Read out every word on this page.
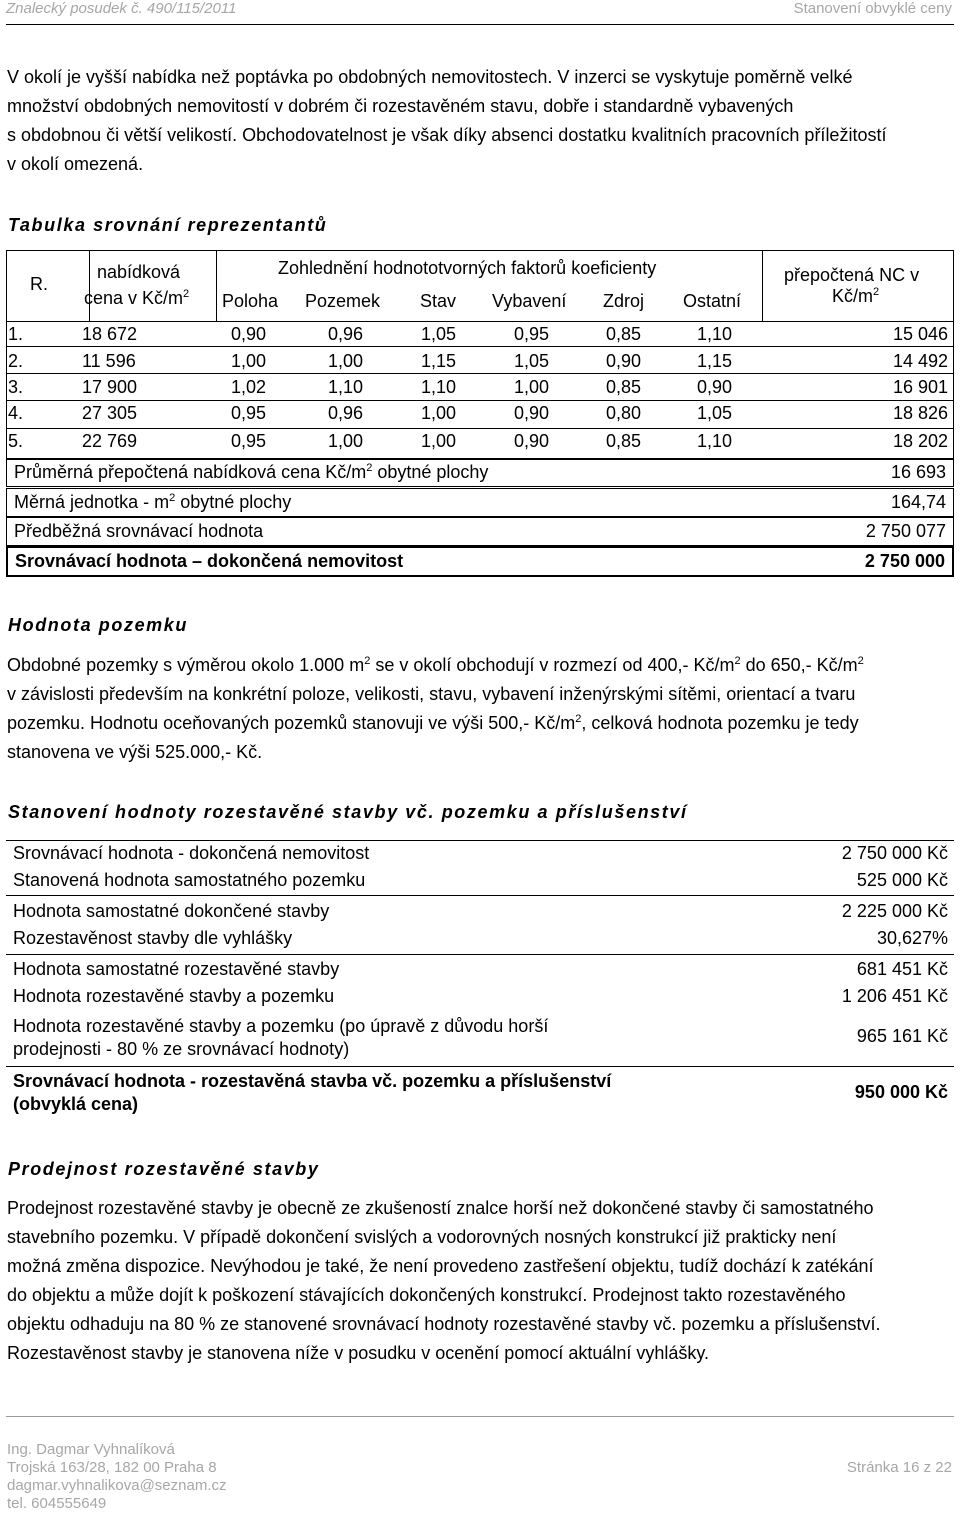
Znalecký posudek č. 490/115/2011	Stanovení obvyklé ceny
V okolí je vyšší nabídka než poptávka po obdobných nemovitostech. V inzerci se vyskytuje poměrně velké
množství obdobných nemovitostí v dobrém či rozestavěném stavu, dobře i standardně vybavených
s obdobnou či větší velikostí. Obchodovatelnost je však díky absenci dostatku kvalitních pracovních příležitostí
v okolí omezená.
Tabulka srovnání reprezentantů
R.
nabídková
cena v $Kč/m^2$
Zohlednění hodnototvorných faktorů koeficienty
Poloha Pozemek Stav Vybavení Zdroj Ostatní
přepočtená NC v
$Kč/m^2$
1.	18 672	0,90	0,96	1,05	0,95	0,85	1,10	15 046
2.	11 596	1,00	1,00	1,15	1,05	0,90	1,15	14 492
3.	17 900	1,02	1,10	1,10	1,00	0,85	0,90	16 901
4.	27 305	0,95	0,96	1,00	0,90	0,80	1,05	18 826
5.	22 769	0,95	1,00	1,00	0,90	0,85	1,10	18 202
Průměrná přepočtená nabídková cena $Kč/m^2$ obytné plochy	16 693
Měrná jednotka - $m^2$ obytné plochy	164,74
Předběžná srovnávací hodnota	2 750 077
Srovnávací hodnota – dokončená nemovitost	2 750 000
Hodnota pozemku
Obdobné pozemky s výměrou okolo 1.000 $m^2$ se v okolí obchodují v rozmezí od 400,- $Kč/m^2$ do 650,- $Kč/m^2$
v závislosti především na konkrétní poloze, velikosti, stavu, vybavení inženýrskými sítěmi, orientací a tvaru
pozemku. Hodnotu oceňovaných pozemků stanovuji ve výši 500,- $Kč/m^2$, celková hodnota pozemku je tedy
stanovena ve výši 525.000,- Kč.
Stanovení hodnoty rozestavěné stavby vč. pozemku a příslušenství
Srovnávací hodnota - dokončená nemovitost	2 750 000 Kč
Stanovená hodnota samostatného pozemku	525 000 Kč
Hodnota samostatné dokončené stavby	2 225 000 Kč
Rozestavěnost stavby dle vyhlášky	30,627%
Hodnota samostatné rozestavěné stavby	681 451 Kč
Hodnota rozestavěné stavby a pozemku	1 206 451 Kč
Hodnota rozestavěné stavby a pozemku (po úpravě z důvodu horší
prodejnosti - 80 % ze srovnávací hodnoty)
965 161 Kč
Srovnávací hodnota - rozestavěná stavba vč. pozemku a příslušenství
(obvyklá cena)
950 000 Kč
Prodejnost rozestavěné stavby
Prodejnost rozestavěné stavby je obecně ze zkušeností znalce horší než dokončené stavby či samostatného
stavebního pozemku. V případě dokončení svislých a vodorovných nosných konstrukcí již prakticky není
možná změna dispozice. Nevýhodou je také, že není provedeno zastřešení objektu, tudíž dochází k zatékání
do objektu a může dojít k poškození stávajících dokončených konstrukcí. Prodejnost takto rozestavěného
objektu odhaduju na 80 % ze stanovené srovnávací hodnoty rozestavěné stavby vč. pozemku a příslušenství.
Rozestavěnost stavby je stanovena níže v posudku v ocenění pomocí aktuální vyhlášky.
Ing. Dagmar Vyhnalíková
Trojská 163/28, 182 00 Praha 8
dagmar.vyhnalikova@seznam.cz
tel. 604555649
Stránka 16 z 22
